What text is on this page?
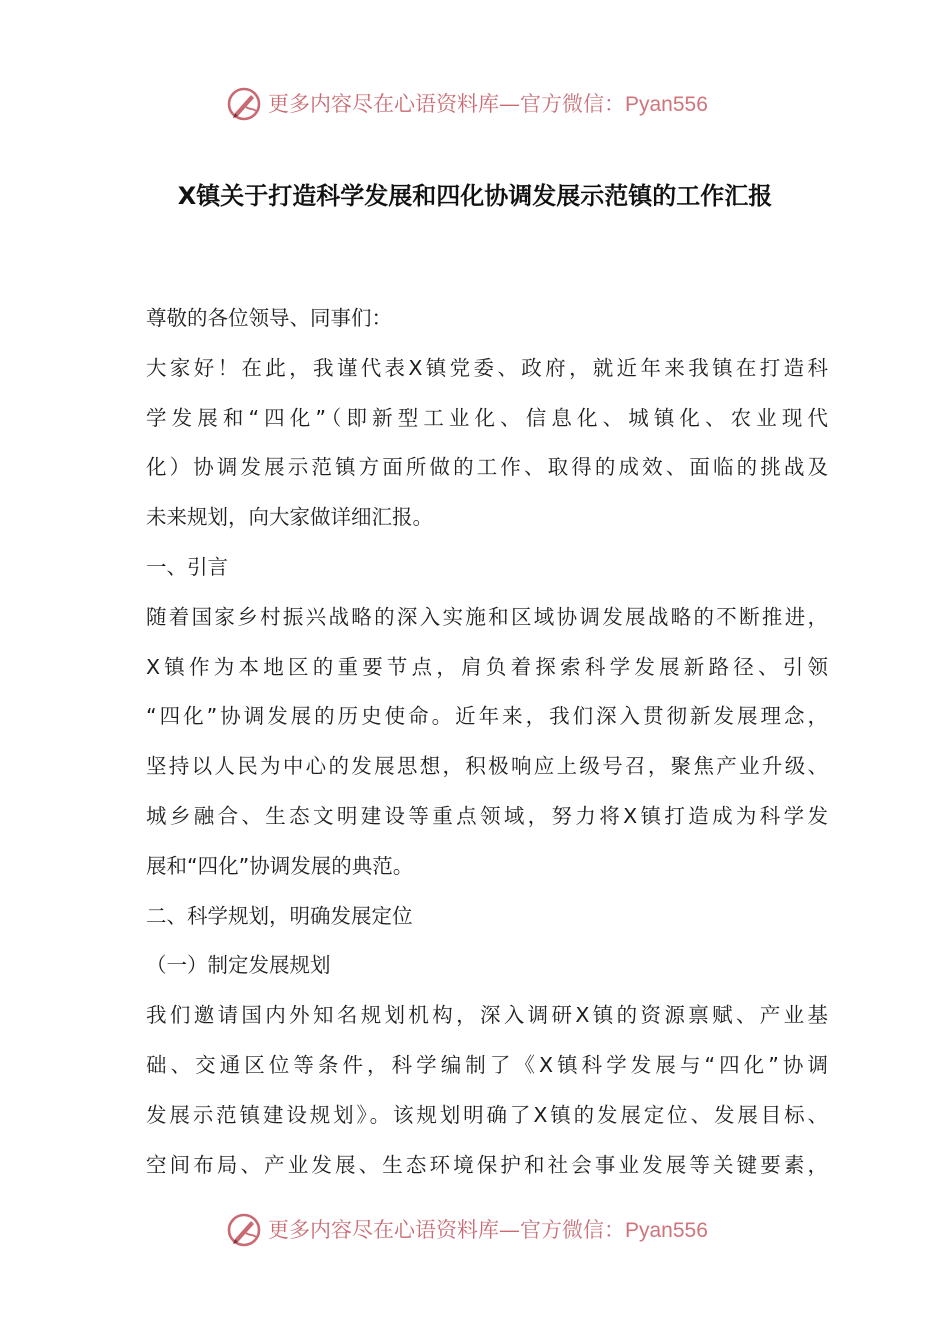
更多内容尽在心语资料库—官方微信：Pyan556
X镇关于打造科学发展和四化协调发展示范镇的工作汇报
尊敬的各位领导、同事们：
大家好！在此，我谨代表X镇党委、政府，就近年来我镇在打造科
学发展和“四化”（即新型工业化、信息化、城镇化、农业现代
化）协调发展示范镇方面所做的工作、取得的成效、面临的挑战及
未来规划，向大家做详细汇报。
一、引言
随着国家乡村振兴战略的深入实施和区域协调发展战略的不断推进，
X镇作为本地区的重要节点，肩负着探索科学发展新路径、引领
“四化”协调发展的历史使命。近年来，我们深入贯彻新发展理念，
坚持以人民为中心的发展思想，积极响应上级号召，聚焦产业升级、
城乡融合、生态文明建设等重点领域，努力将X镇打造成为科学发
展和“四化”协调发展的典范。
二、科学规划，明确发展定位
（一）制定发展规划
我们邀请国内外知名规划机构，深入调研X镇的资源禀赋、产业基
础、交通区位等条件，科学编制了《X镇科学发展与“四化”协调
发展示范镇建设规划》。该规划明确了X镇的发展定位、发展目标、
空间布局、产业发展、生态环境保护和社会事业发展等关键要素，
更多内容尽在心语资料库—官方微信：Pyan556
